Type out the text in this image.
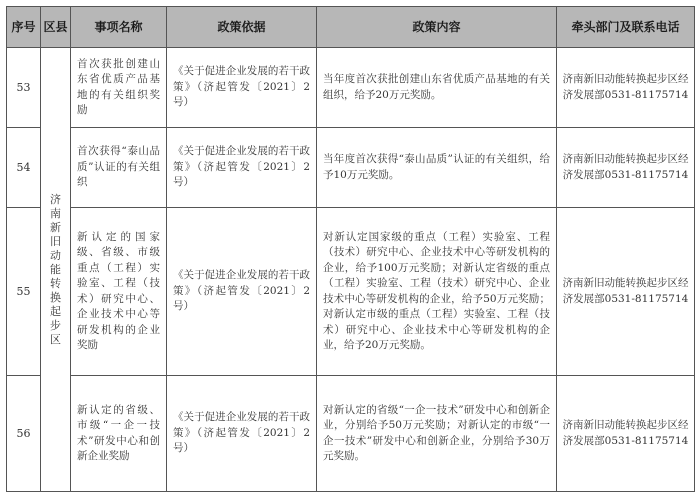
序号	区县	事项名称	政策依据	政策内容	牵头部门及联系电话
53	济南新旧动能转换起步区	首次获批创建山东省优质产品基地的有关组织奖励	《关于促进企业发展的若干政策》（济起管发〔2021〕2号）	当年度首次获批创建山东省优质产品基地的有关组织，给予20万元奖励。	济南新旧动能转换起步区经济发展部0531-81175714
54		首次获得“泰山品质”认证的有关组织	《关于促进企业发展的若干政策》（济起管发〔2021〕2号）	当年度首次获得“泰山品质”认证的有关组织，给予10万元奖励。	济南新旧动能转换起步区经济发展部0531-81175714
55		新认定的国家级、省级、市级重点（工程）实验室、工程（技术）研究中心、企业技术中心等研发机构的企业奖励	《关于促进企业发展的若干政策》（济起管发〔2021〕2号）	对新认定国家级的重点（工程）实验室、工程（技术）研究中心、企业技术中心等研发机构的企业，给予100万元奖励；对新认定省级的重点（工程）实验室、工程（技术）研究中心、企业技术中心等研发机构的企业，给予50万元奖励；对新认定市级的重点（工程）实验室、工程（技术）研究中心、企业技术中心等研发机构的企业，给予20万元奖励。	济南新旧动能转换起步区经济发展部0531-81175714
56		新认定的省级、市级“一企一技术”研发中心和创新企业奖励	《关于促进企业发展的若干政策》（济起管发〔2021〕2号）	对新认定的省级“一企一技术”研发中心和创新企业，分别给予50万元奖励；对新认定的市级“一企一技术”研发中心和创新企业，分别给予30万元奖励。	济南新旧动能转换起步区经济发展部0531-81175714
